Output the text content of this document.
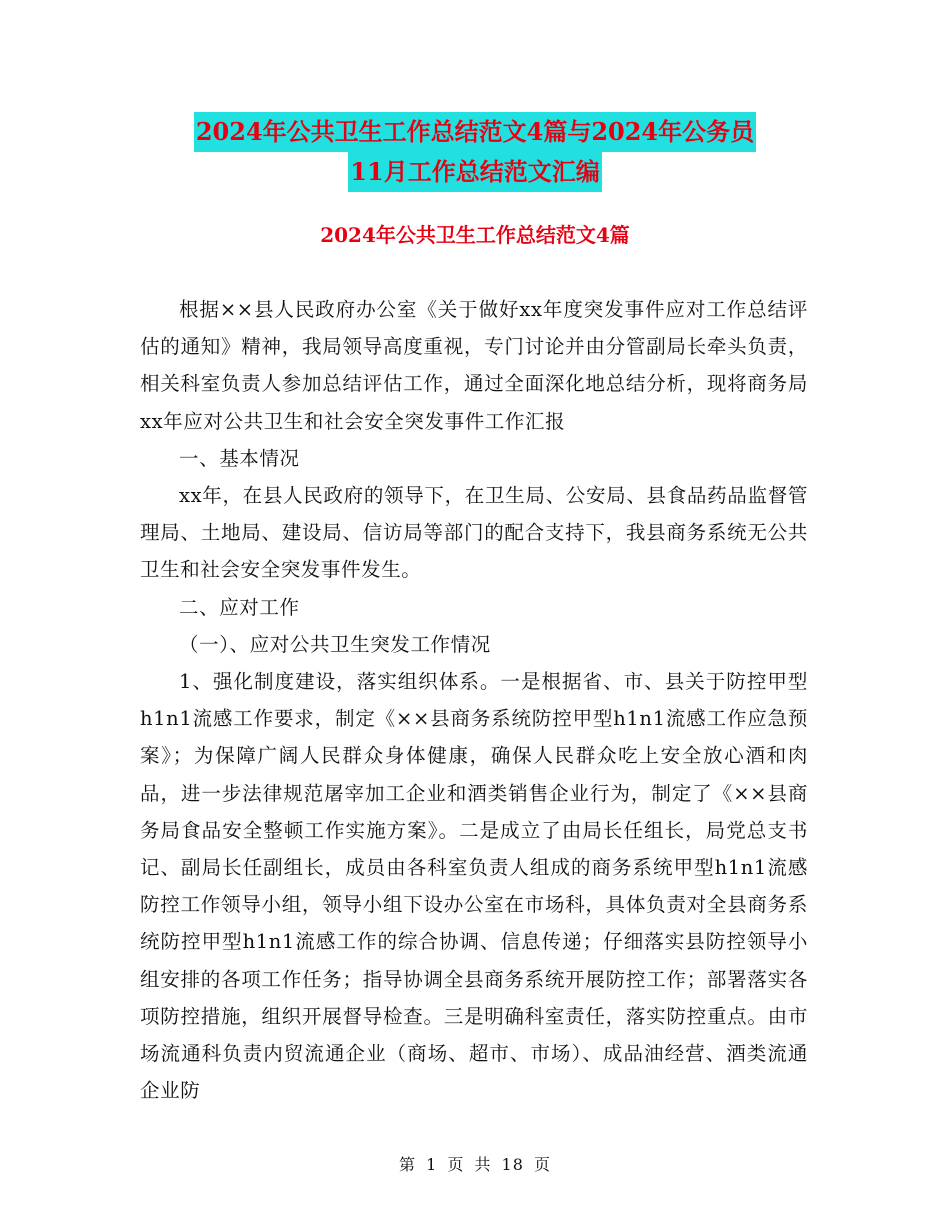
2024年公共卫生工作总结范文4篇与2024年公务员
11月工作总结范文汇编
2024年公共卫生工作总结范文4篇

根据××县人民政府办公室《关于做好xx年度突发事件应对工作总结评估的通知》精神，我局领导高度重视，专门讨论并由分管副局长牵头负责，相关科室负责人参加总结评估工作，通过全面深化地总结分析，现将商务局xx年应对公共卫生和社会安全突发事件工作汇报

一、基本情况

xx年，在县人民政府的领导下，在卫生局、公安局、县食品药品监督管理局、土地局、建设局、信访局等部门的配合支持下，我县商务系统无公共卫生和社会安全突发事件发生。

二、应对工作

（一）、应对公共卫生突发工作情况

1、强化制度建设，落实组织体系。一是根据省、市、县关于防控甲型h1n1流感工作要求，制定《××县商务系统防控甲型h1n1流感工作应急预案》；为保障广阔人民群众身体健康，确保人民群众吃上安全放心酒和肉品，进一步法律规范屠宰加工企业和酒类销售企业行为，制定了《××县商务局食品安全整顿工作实施方案》。二是成立了由局长任组长，局党总支书记、副局长任副组长，成员由各科室负责人组成的商务系统甲型h1n1流感防控工作领导小组，领导小组下设办公室在市场科，具体负责对全县商务系统防控甲型h1n1流感工作的综合协调、信息传递；仔细落实县防控领导小组安排的各项工作任务；指导协调全县商务系统开展防控工作；部署落实各项防控措施，组织开展督导检查。三是明确科室责任，落实防控重点。由市场流通科负责内贸流通企业（商场、超市、市场）、成品油经营、酒类流通企业防

第 1 页 共 18 页
